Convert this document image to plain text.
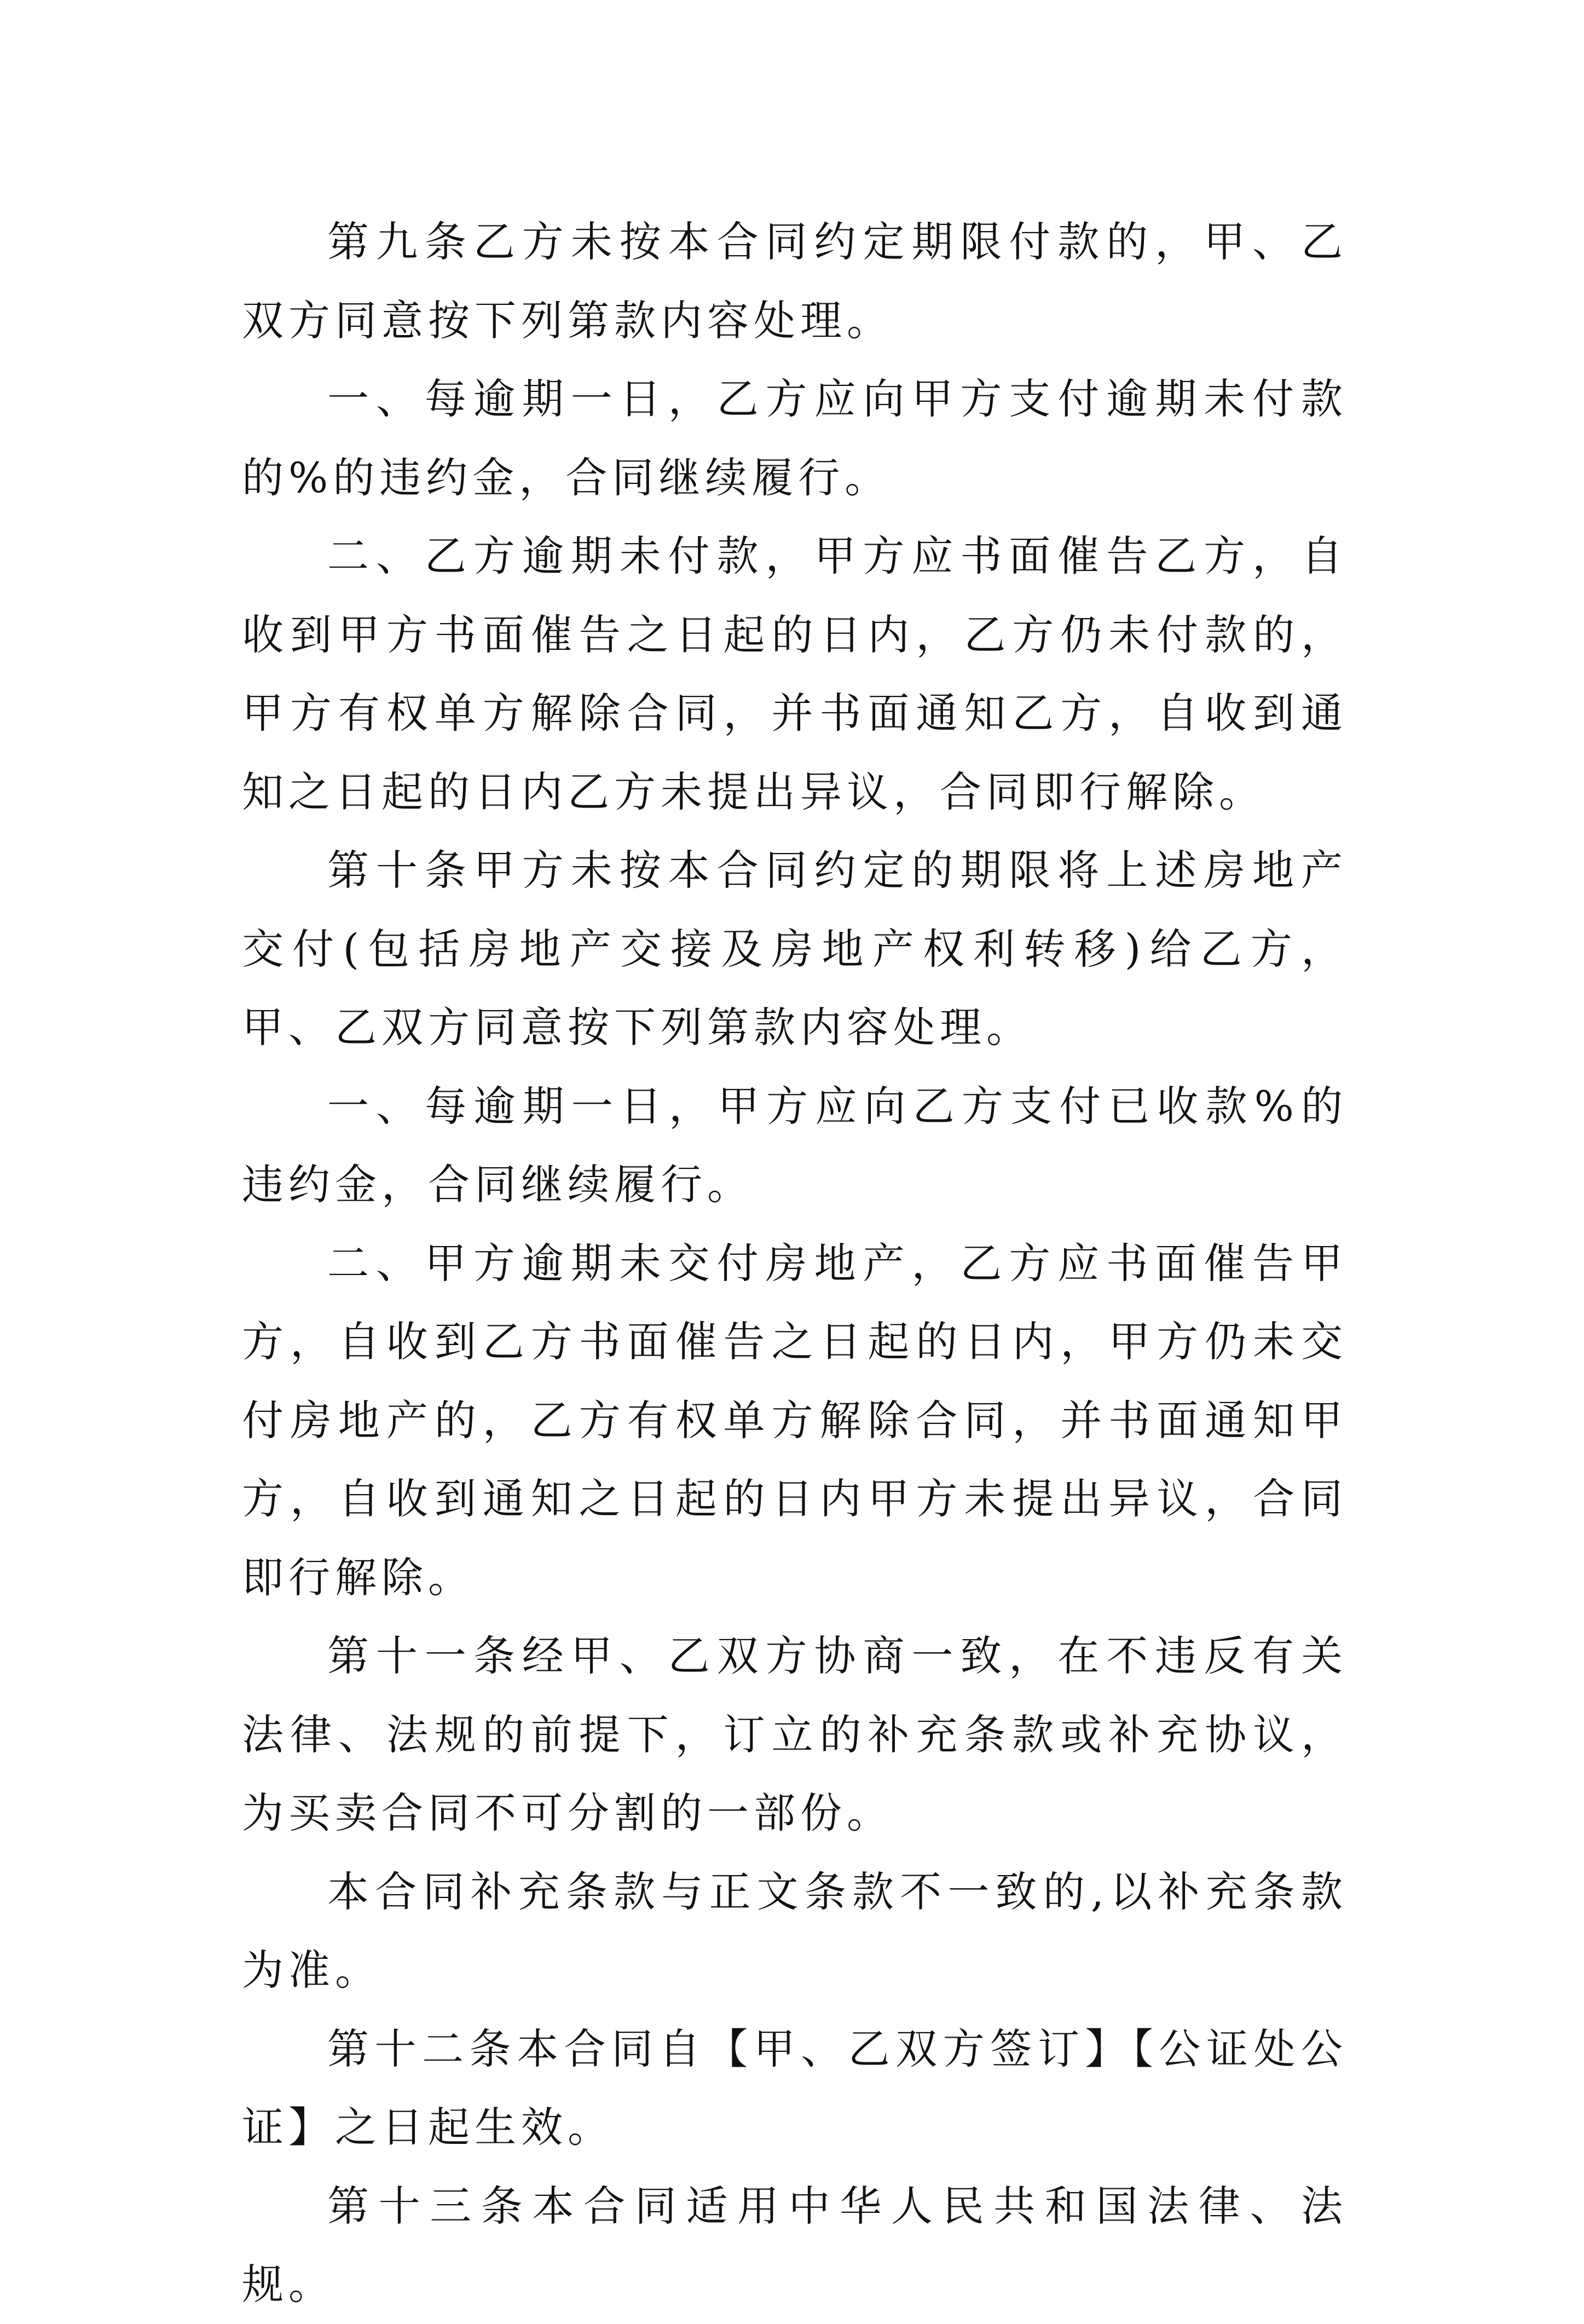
第九条乙方未按本合同约定期限付款的，甲、乙双方同意按下列第款内容处理。

一、每逾期一日，乙方应向甲方支付逾期未付款的%的违约金，合同继续履行。

二、乙方逾期未付款，甲方应书面催告乙方，自收到甲方书面催告之日起的日内，乙方仍未付款的，甲方有权单方解除合同，并书面通知乙方，自收到通知之日起的日内乙方未提出异议，合同即行解除。

第十条甲方未按本合同约定的期限将上述房地产交付(包括房地产交接及房地产权利转移)给乙方，甲、乙双方同意按下列第款内容处理。

一、每逾期一日，甲方应向乙方支付已收款%的违约金，合同继续履行。

二、甲方逾期未交付房地产，乙方应书面催告甲方，自收到乙方书面催告之日起的日内，甲方仍未交付房地产的，乙方有权单方解除合同，并书面通知甲方，自收到通知之日起的日内甲方未提出异议，合同即行解除。

第十一条经甲、乙双方协商一致，在不违反有关法律、法规的前提下，订立的补充条款或补充协议，为买卖合同不可分割的一部份。

本合同补充条款与正文条款不一致的,以补充条款为准。

第十二条本合同自【甲、乙双方签订】【公证处公证】之日起生效。

第十三条本合同适用中华人民共和国法律、法规。
